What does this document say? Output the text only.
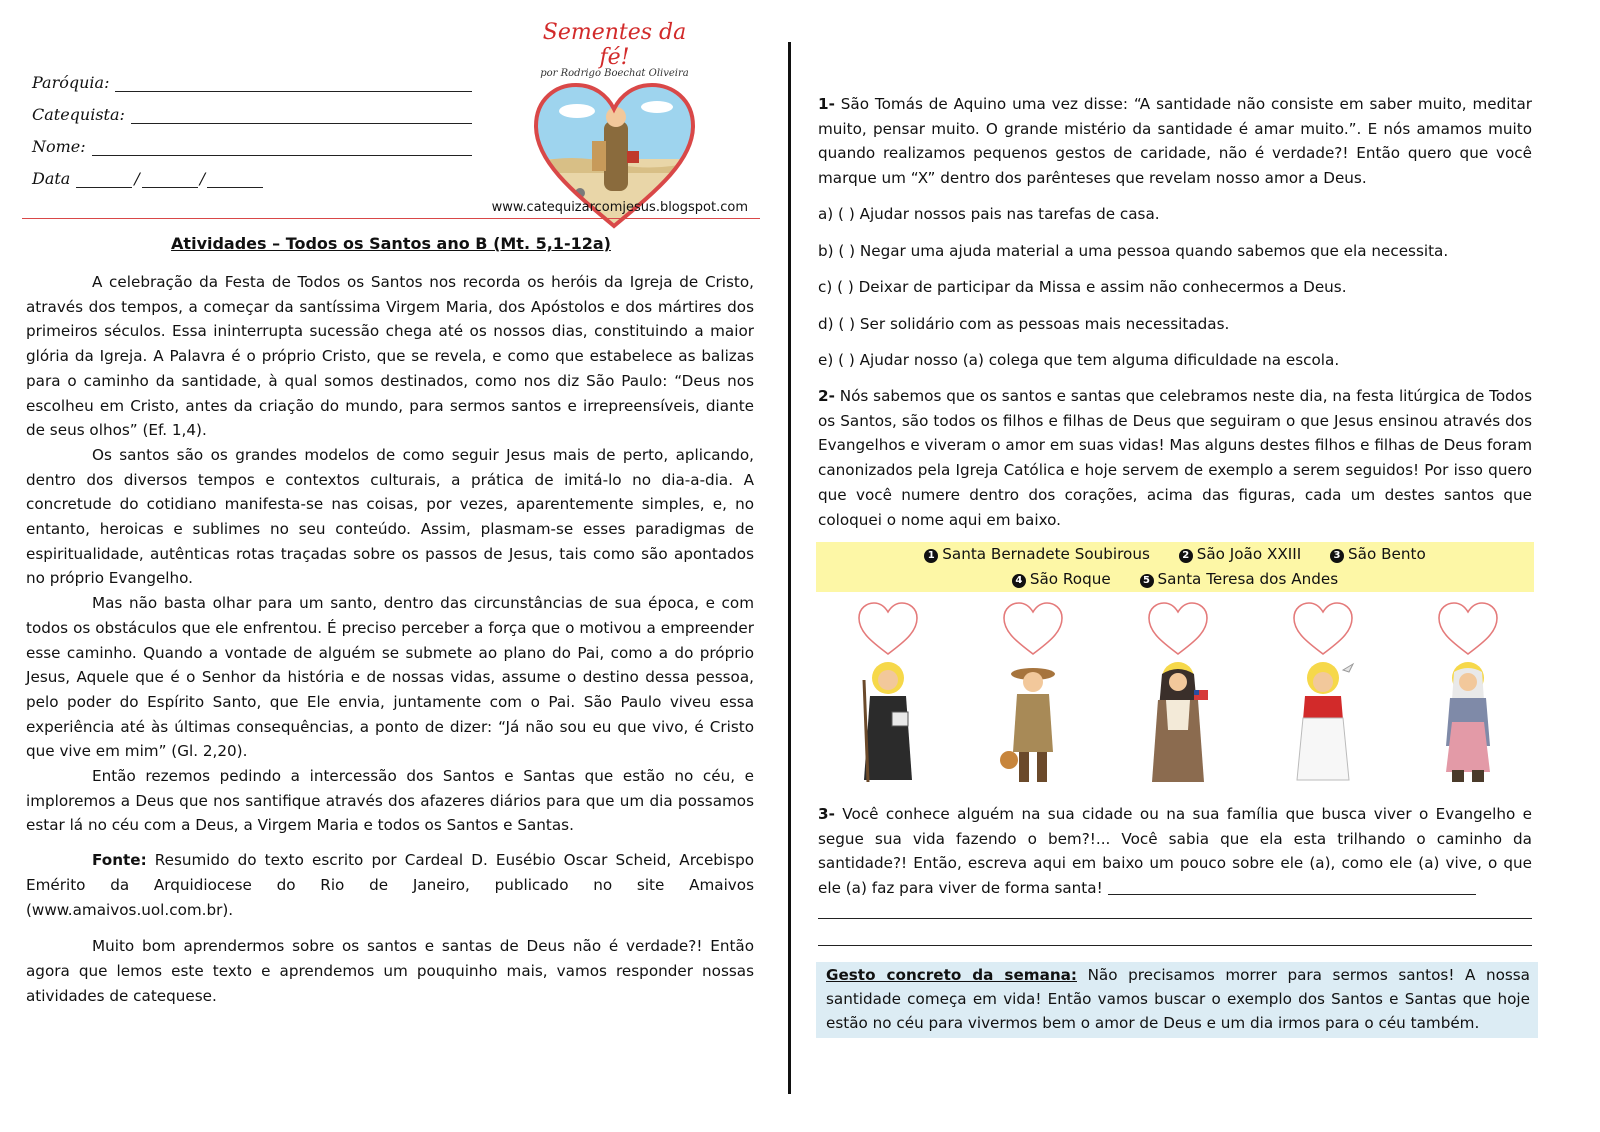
Paróquia:
Catequista:
Nome:
Data	/	/
Sementes da fé!
por Rodrigo Boechat Oliveira
www.catequizarcomjesus.blogspot.com
Atividades – Todos os Santos ano B (Mt. 5,1-12a)

A celebração da Festa de Todos os Santos nos recorda os heróis da Igreja de Cristo, através dos tempos, a começar da santíssima Virgem Maria, dos Apóstolos e dos mártires dos primeiros séculos. Essa ininterrupta sucessão chega até os nossos dias, constituindo a maior glória da Igreja. A Palavra é o próprio Cristo, que se revela, e como que estabelece as balizas para o caminho da santidade, à qual somos destinados, como nos diz São Paulo: “Deus nos escolheu em Cristo, antes da criação do mundo, para sermos santos e irrepreensíveis, diante de seus olhos” (Ef. 1,4).

Os santos são os grandes modelos de como seguir Jesus mais de perto, aplicando, dentro dos diversos tempos e contextos culturais, a prática de imitá-lo no dia-a-dia. A concretude do cotidiano manifesta-se nas coisas, por vezes, aparentemente simples, e, no entanto, heroicas e sublimes no seu conteúdo. Assim, plasmam-se esses paradigmas de espiritualidade, autênticas rotas traçadas sobre os passos de Jesus, tais como são apontados no próprio Evangelho.

Mas não basta olhar para um santo, dentro das circunstâncias de sua época, e com todos os obstáculos que ele enfrentou. É preciso perceber a força que o motivou a empreender esse caminho. Quando a vontade de alguém se submete ao plano do Pai, como a do próprio Jesus, Aquele que é o Senhor da história e de nossas vidas, assume o destino dessa pessoa, pelo poder do Espírito Santo, que Ele envia, juntamente com o Pai. São Paulo viveu essa experiência até às últimas consequências, a ponto de dizer: “Já não sou eu que vivo, é Cristo que vive em mim” (Gl. 2,20).

Então rezemos pedindo a intercessão dos Santos e Santas que estão no céu, e imploremos a Deus que nos santifique através dos afazeres diários para que um dia possamos estar lá no céu com a Deus, a Virgem Maria e todos os Santos e Santas.

Fonte: Resumido do texto escrito por Cardeal D. Eusébio Oscar Scheid, Arcebispo Emérito da Arquidiocese do Rio de Janeiro, publicado no site Amaivos (www.amaivos.uol.com.br).

Muito bom aprendermos sobre os santos e santas de Deus não é verdade?! Então agora que lemos este texto e aprendemos um pouquinho mais, vamos responder nossas atividades de catequese.

1- São Tomás de Aquino uma vez disse: “A santidade não consiste em saber muito, meditar muito, pensar muito. O grande mistério da santidade é amar muito.”. E nós amamos muito quando realizamos pequenos gestos de caridade, não é verdade?! Então quero que você marque um “X” dentro dos parênteses que revelam nosso amor a Deus.
a) ( ) Ajudar nossos pais nas tarefas de casa.
b) ( ) Negar uma ajuda material a uma pessoa quando sabemos que ela necessita.
c) ( ) Deixar de participar da Missa e assim não conhecermos a Deus.
d) ( ) Ser solidário com as pessoas mais necessitadas.
e) ( ) Ajudar nosso (a) colega que tem alguma dificuldade na escola.
2- Nós sabemos que os santos e santas que celebramos neste dia, na festa litúrgica de Todos os Santos, são todos os filhos e filhas de Deus que seguiram o que Jesus ensinou através dos Evangelhos e viveram o amor em suas vidas! Mas alguns destes filhos e filhas de Deus foram canonizados pela Igreja Católica e hoje servem de exemplo a serem seguidos! Por isso quero que você numere dentro dos corações, acima das figuras, cada um destes santos que coloquei o nome aqui em baixo.
1 Santa Bernadete Soubirous	2 São João XXIII	3 São Bento
4 São Roque	5 Santa Teresa dos Andes
3- Você conhece alguém na sua cidade ou na sua família que busca viver o Evangelho e segue sua vida fazendo o bem?!... Você sabia que ela esta trilhando o caminho da santidade?! Então, escreva aqui em baixo um pouco sobre ele (a), como ele (a) vive, o que ele (a) faz para viver de forma santa!
Gesto concreto da semana: Não precisamos morrer para sermos santos! A nossa santidade começa em vida! Então vamos buscar o exemplo dos Santos e Santas que hoje estão no céu para vivermos bem o amor de Deus e um dia irmos para o céu também.
